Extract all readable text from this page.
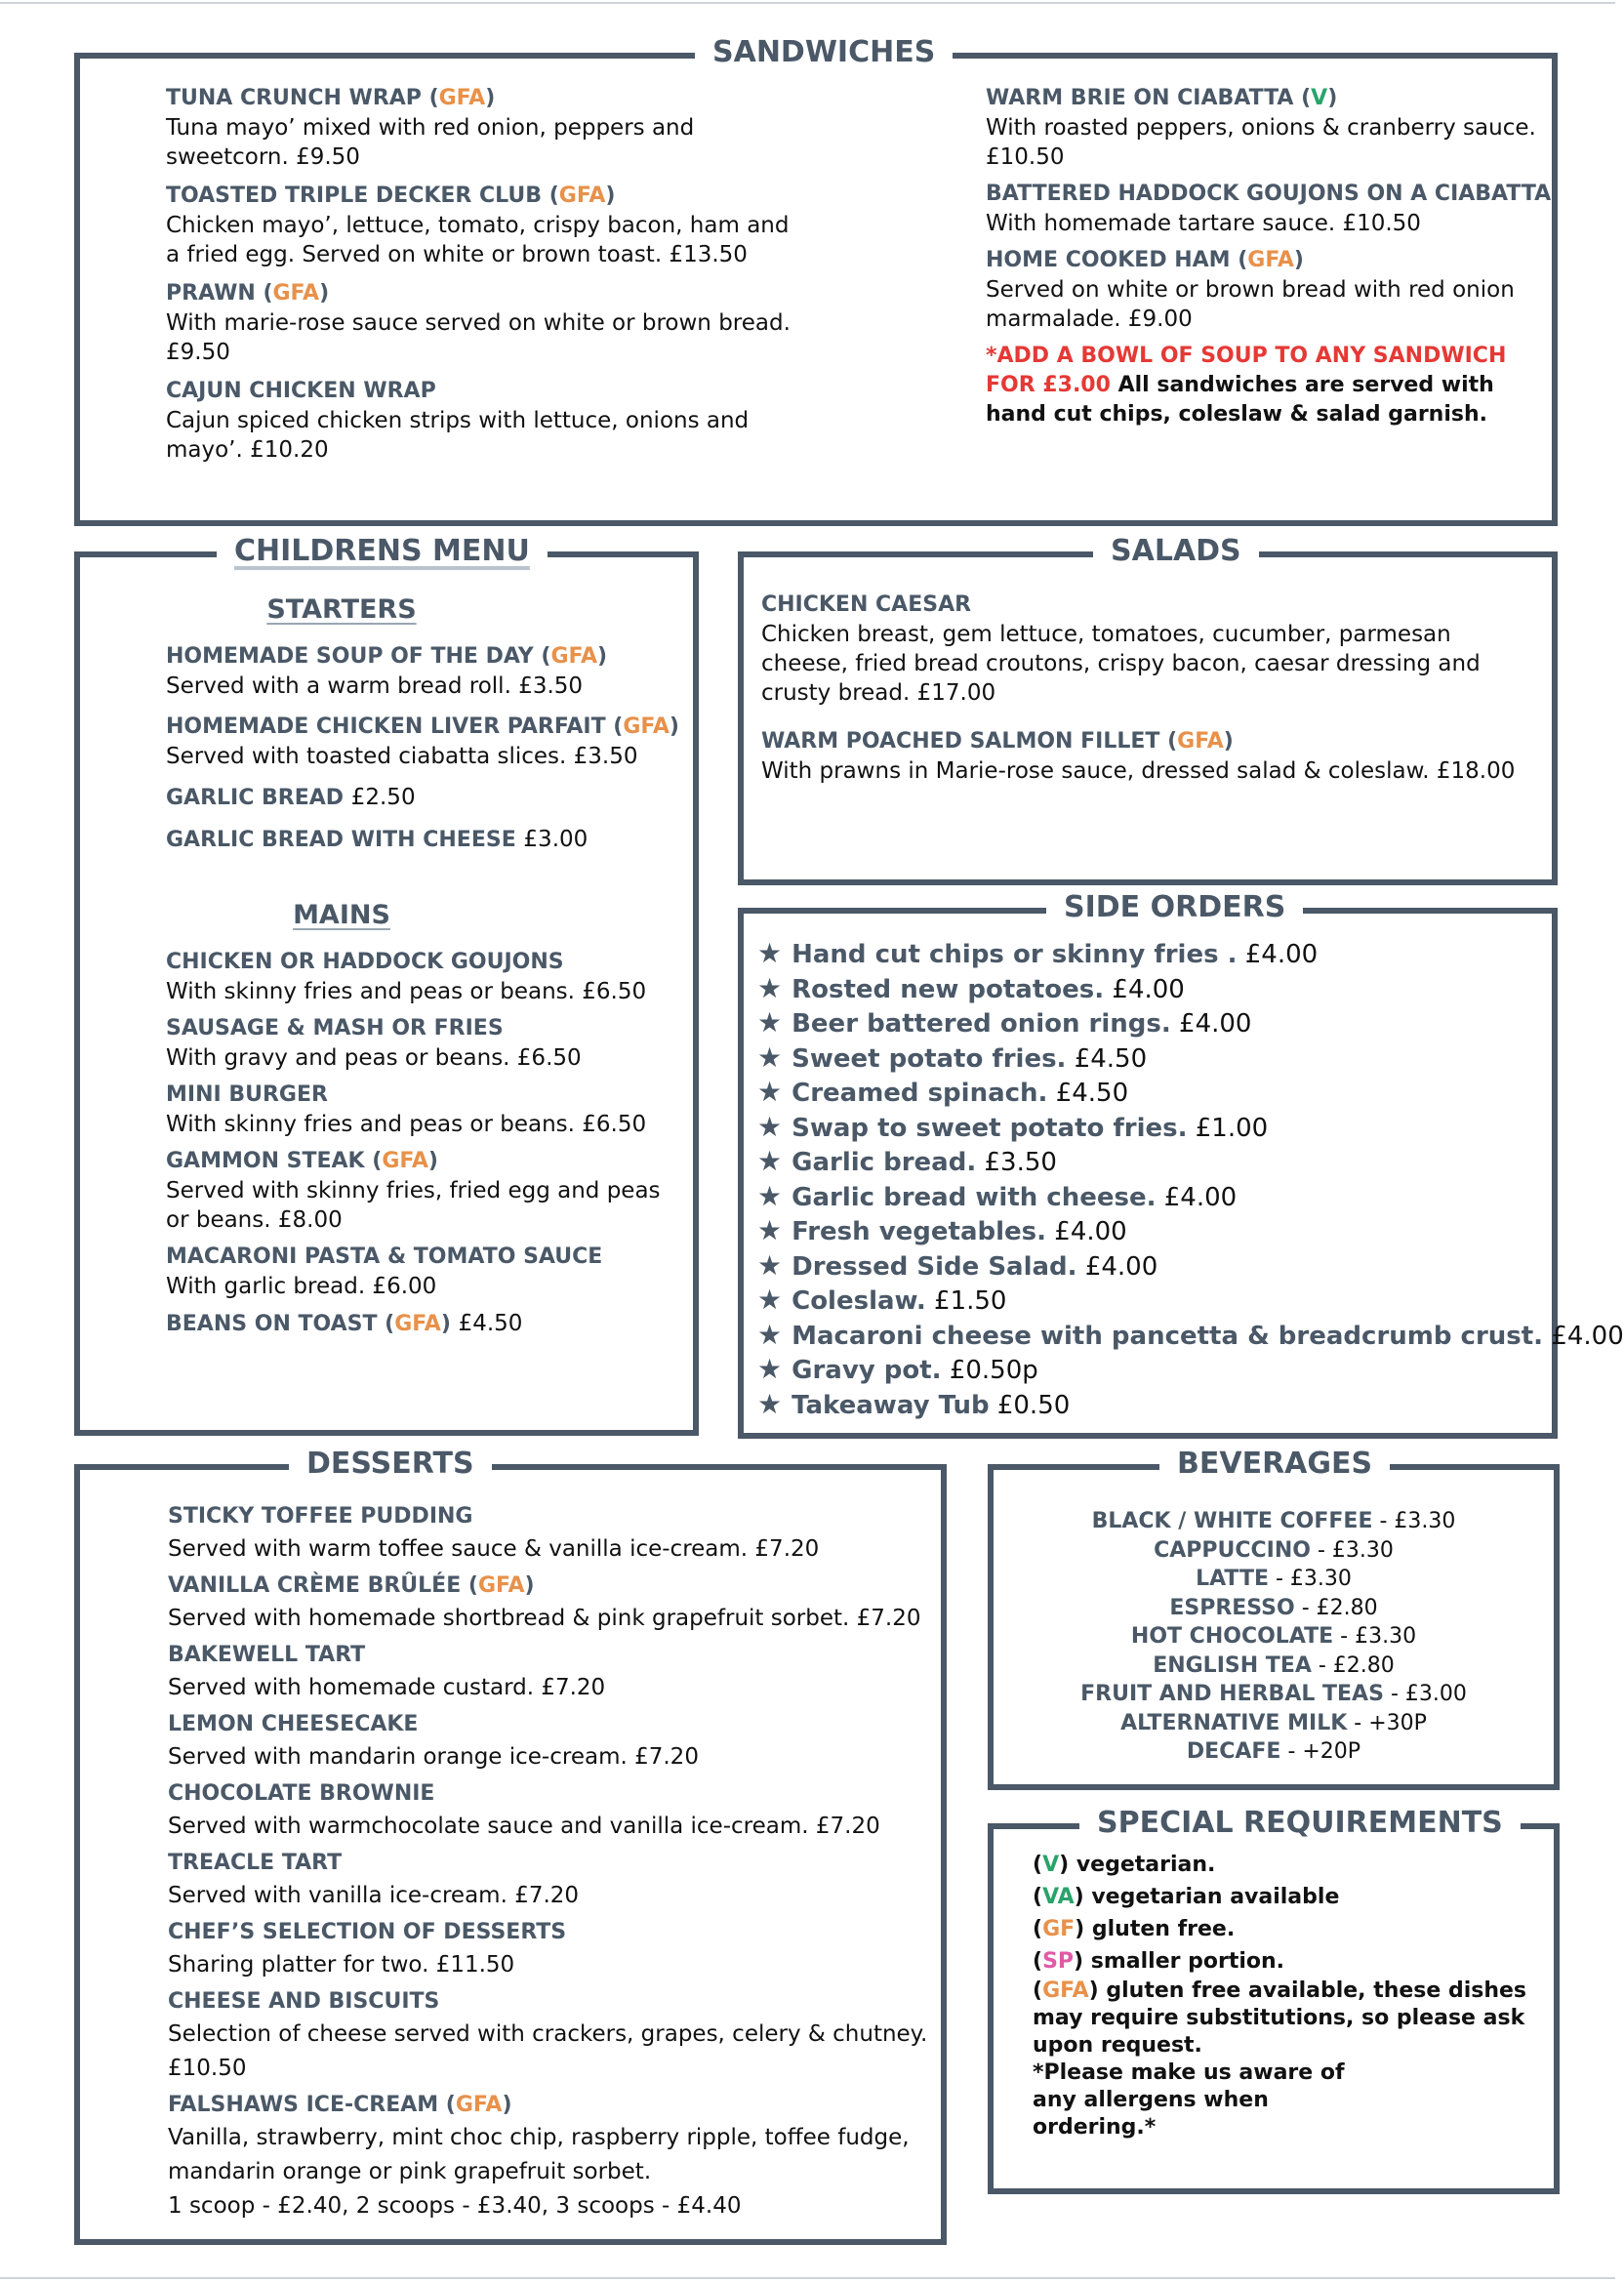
SANDWICHES
TUNA CRUNCH WRAP (GFA)
Tuna mayo’ mixed with red onion, peppers and sweetcorn. £9.50
TOASTED TRIPLE DECKER CLUB (GFA)
Chicken mayo’, lettuce, tomato, crispy bacon, ham and a fried egg. Served on white or brown toast. £13.50
PRAWN (GFA)
With marie-rose sauce served on white or brown bread. £9.50
CAJUN CHICKEN WRAP
Cajun spiced chicken strips with lettuce, onions and mayo’. £10.20
WARM BRIE ON CIABATTA (V)
With roasted peppers, onions & cranberry sauce. £10.50
BATTERED HADDOCK GOUJONS ON A CIABATTA
With homemade tartare sauce. £10.50
HOME COOKED HAM (GFA)
Served on white or brown bread with red onion marmalade. £9.00
*ADD A BOWL OF SOUP TO ANY SANDWICH FOR £3.00 All sandwiches are served with hand cut chips, coleslaw & salad garnish.
CHILDRENS MENU
STARTERS
HOMEMADE SOUP OF THE DAY (GFA)
Served with a warm bread roll. £3.50
HOMEMADE CHICKEN LIVER PARFAIT (GFA)
Served with toasted ciabatta slices. £3.50
GARLIC BREAD £2.50
GARLIC BREAD WITH CHEESE £3.00
MAINS
CHICKEN OR HADDOCK GOUJONS
With skinny fries and peas or beans. £6.50
SAUSAGE & MASH OR FRIES
With gravy and peas or beans. £6.50
MINI BURGER
With skinny fries and peas or beans. £6.50
GAMMON STEAK (GFA)
Served with skinny fries, fried egg and peas or beans. £8.00
MACARONI PASTA & TOMATO SAUCE
With garlic bread. £6.00
BEANS ON TOAST (GFA) £4.50
SALADS
CHICKEN CAESAR
Chicken breast, gem lettuce, tomatoes, cucumber, parmesan cheese, fried bread croutons, crispy bacon, caesar dressing and crusty bread. £17.00
WARM POACHED SALMON FILLET (GFA)
With prawns in Marie-rose sauce, dressed salad & coleslaw. £18.00
SIDE ORDERS
★ Hand cut chips or skinny fries . £4.00
★ Rosted new potatoes. £4.00
★ Beer battered onion rings. £4.00
★ Sweet potato fries. £4.50
★ Creamed spinach. £4.50
★ Swap to sweet potato fries. £1.00
★ Garlic bread. £3.50
★ Garlic bread with cheese. £4.00
★ Fresh vegetables. £4.00
★ Dressed Side Salad. £4.00
★ Coleslaw. £1.50
★ Macaroni cheese with pancetta & breadcrumb crust. £4.00
★ Gravy pot. £0.50p
★ Takeaway Tub £0.50
DESSERTS
STICKY TOFFEE PUDDING
Served with warm toffee sauce & vanilla ice-cream. £7.20
VANILLA CRÈME BRÛLÉE (GFA)
Served with homemade shortbread & pink grapefruit sorbet. £7.20
BAKEWELL TART
Served with homemade custard. £7.20
LEMON CHEESECAKE
Served with mandarin orange ice-cream. £7.20
CHOCOLATE BROWNIE
Served with warmchocolate sauce and vanilla ice-cream. £7.20
TREACLE TART
Served with vanilla ice-cream. £7.20
CHEF’S SELECTION OF DESSERTS
Sharing platter for two. £11.50
CHEESE AND BISCUITS
Selection of cheese served with crackers, grapes, celery & chutney. £10.50
FALSHAWS ICE-CREAM (GFA)
Vanilla, strawberry, mint choc chip, raspberry ripple, toffee fudge, mandarin orange or pink grapefruit sorbet.
1 scoop - £2.40, 2 scoops - £3.40, 3 scoops - £4.40
BEVERAGES
BLACK / WHITE COFFEE - £3.30
CAPPUCCINO - £3.30
LATTE - £3.30
ESPRESSO - £2.80
HOT CHOCOLATE - £3.30
ENGLISH TEA - £2.80
FRUIT AND HERBAL TEAS - £3.00
ALTERNATIVE MILK - +30P
DECAFE - +20P
SPECIAL REQUIREMENTS
(V) vegetarian.
(VA) vegetarian available
(GF) gluten free.
(SP) smaller portion.
(GFA) gluten free available, these dishes may require substitutions, so please ask upon request.
*Please make us aware of any allergens when ordering.*
